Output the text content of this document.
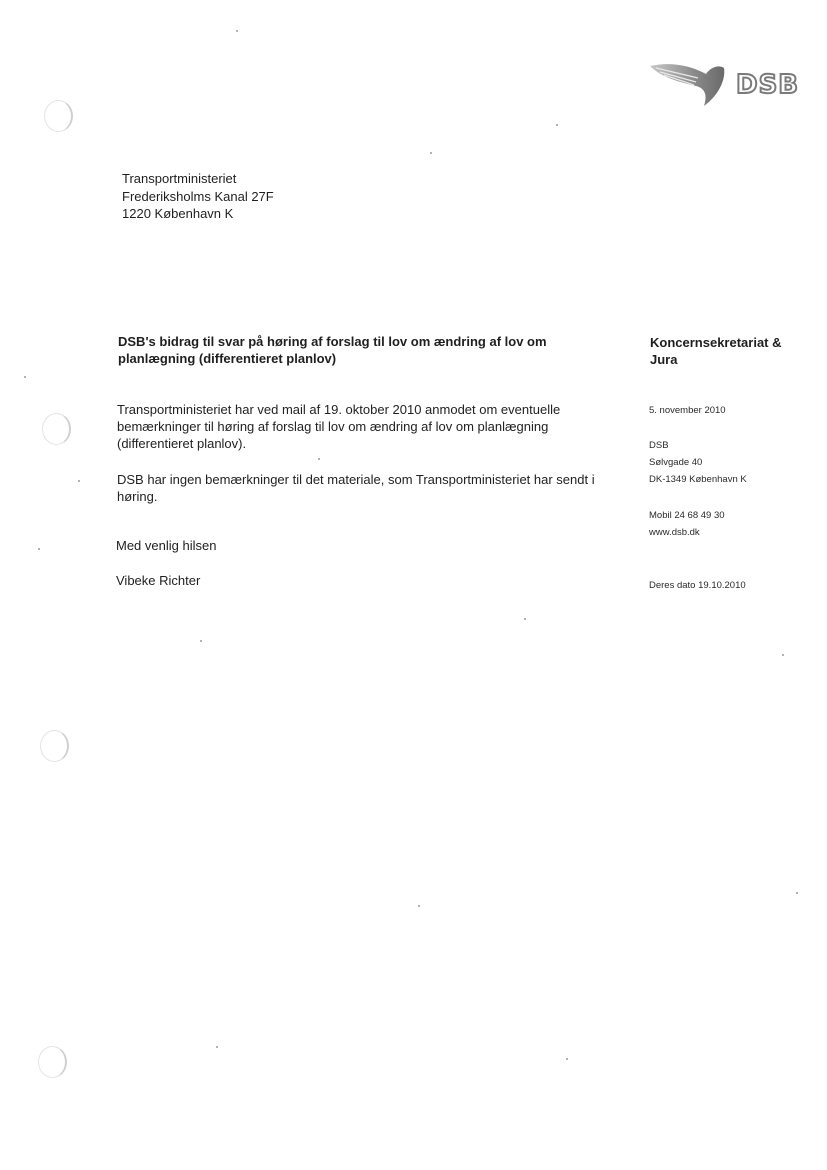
DSB
Transportministeriet
Frederiksholms Kanal 27F
1220 København K
DSB's bidrag til svar på høring af forslag til lov om ændring af lov om planlægning (differentieret planlov)
Koncernsekretariat & Jura
Transportministeriet har ved mail af 19. oktober 2010 anmodet om eventuelle bemærkninger til høring af forslag til lov om ændring af lov om planlægning (differentieret planlov).
DSB har ingen bemærkninger til det materiale, som Transportministeriet har sendt i høring.
Med venlig hilsen
Vibeke Richter
5. november 2010
DSB
Sølvgade 40
DK-1349 København K
Mobil 24 68 49 30
www.dsb.dk
Deres dato 19.10.2010
